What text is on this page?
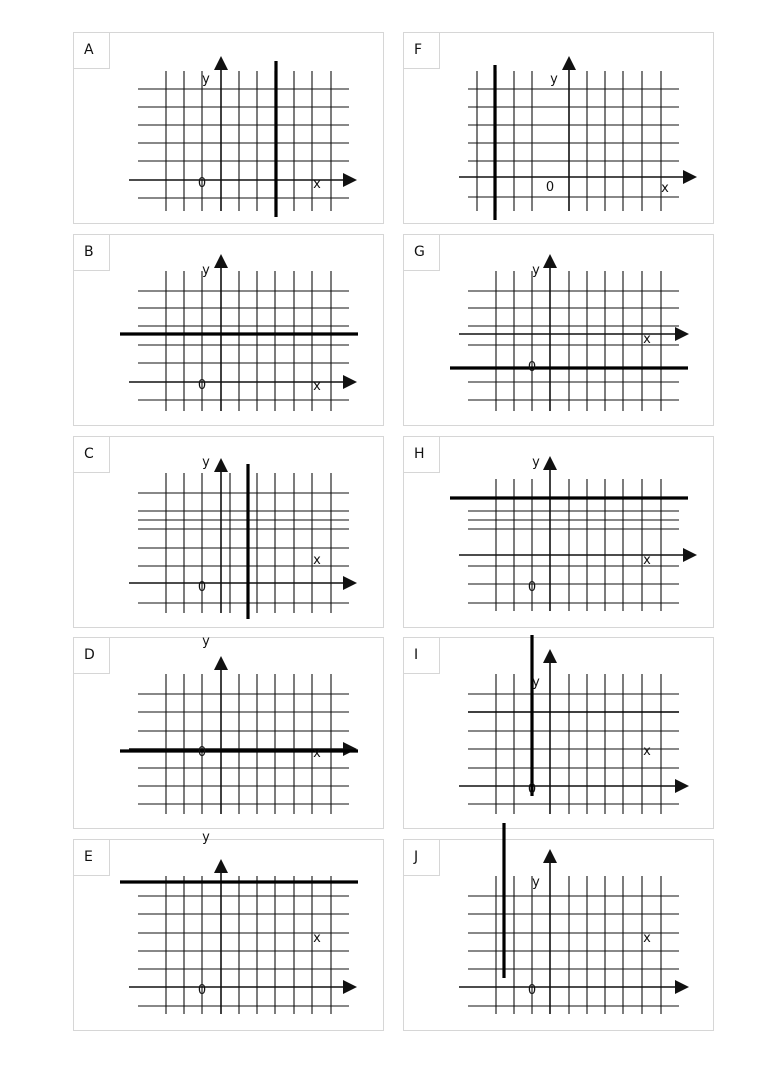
A
y
0	x
F
y
0	x
B
y
0	x
G
y
0
x
C
y
0
x
H
y
0
x
D
y
0	x
I
y
0
x
E
y
0
x
J
y
0
x
